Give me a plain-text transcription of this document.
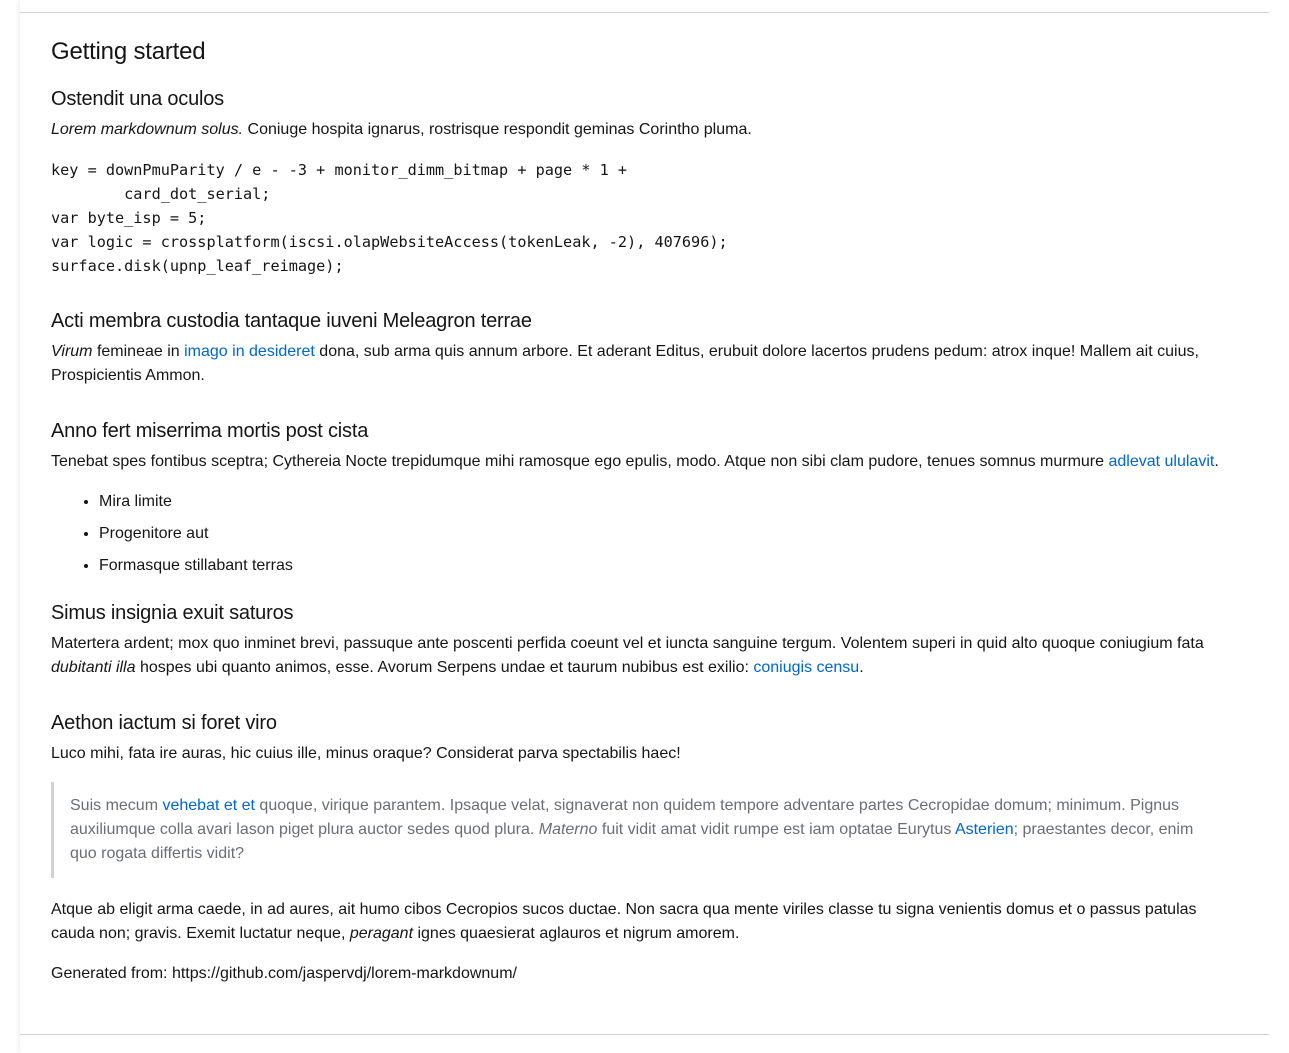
Getting started
Ostendit una oculos

Lorem markdownum solus. Coniuge hospita ignarus, rostrisque respondit geminas Corintho pluma.

key = downPmuParity / e - -3 + monitor_dimm_bitmap + page * 1 +
card_dot_serial;
var byte_isp = 5;
var logic = crossplatform(iscsi.olapWebsiteAccess(tokenLeak, -2), 407696);
surface.disk(upnp_leaf_reimage);
Acti membra custodia tantaque iuveni Meleagron terrae

Virum femineae in imago in desideret dona, sub arma quis annum arbore. Et aderant Editus, erubuit dolore lacertos prudens pedum: atrox inque! Mallem ait cuius, Prospicientis Ammon.

Anno fert miserrima mortis post cista

Tenebat spes fontibus sceptra; Cythereia Nocte trepidumque mihi ramosque ego epulis, modo. Atque non sibi clam pudore, tenues somnus murmure adlevat ululavit.

• Mira limite
• Progenitore aut
• Formasque stillabant terras
Simus insignia exuit saturos

Matertera ardent; mox quo inminet brevi, passuque ante poscenti perfida coeunt vel et iuncta sanguine tergum. Volentem superi in quid alto quoque coniugium fata dubitanti illa hospes ubi quanto animos, esse. Avorum Serpens undae et taurum nubibus est exilio: coniugis censu.

Aethon iactum si foret viro

Luco mihi, fata ire auras, hic cuius ille, minus oraque? Considerat parva spectabilis haec!

Suis mecum vehebat et et quoque, virique parantem. Ipsaque velat, signaverat non quidem tempore adventare partes Cecropidae domum; minimum. Pignus auxiliumque colla avari lason piget plura auctor sedes quod plura. Materno fuit vidit amat vidit rumpe est iam optatae Eurytus Asterien; praestantes decor, enim quo rogata differtis vidit?

Atque ab eligit arma caede, in ad aures, ait humo cibos Cecropios sucos ductae. Non sacra qua mente viriles classe tu signa venientis domus et o passus patulas cauda non; gravis. Exemit luctatur neque, peragant ignes quaesierat aglauros et nigrum amorem.

Generated from: https://github.com/jaspervdj/lorem-markdownum/
